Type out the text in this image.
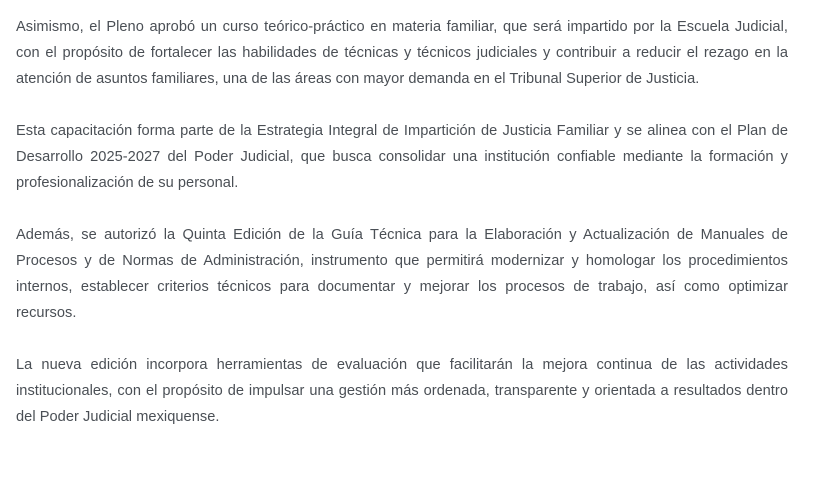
Asimismo, el Pleno aprobó un curso teórico-práctico en materia familiar, que será impartido por la Escuela Judicial, con el propósito de fortalecer las habilidades de técnicas y técnicos judiciales y contribuir a reducir el rezago en la atención de asuntos familiares, una de las áreas con mayor demanda en el Tribunal Superior de Justicia.

Esta capacitación forma parte de la Estrategia Integral de Impartición de Justicia Familiar y se alinea con el Plan de Desarrollo 2025-2027 del Poder Judicial, que busca consolidar una institución confiable mediante la formación y profesionalización de su personal.

Además, se autorizó la Quinta Edición de la Guía Técnica para la Elaboración y Actualización de Manuales de Procesos y de Normas de Administración, instrumento que permitirá modernizar y homologar los procedimientos internos, establecer criterios técnicos para documentar y mejorar los procesos de trabajo, así como optimizar recursos.

La nueva edición incorpora herramientas de evaluación que facilitarán la mejora continua de las actividades institucionales, con el propósito de impulsar una gestión más ordenada, transparente y orientada a resultados dentro del Poder Judicial mexiquense.
